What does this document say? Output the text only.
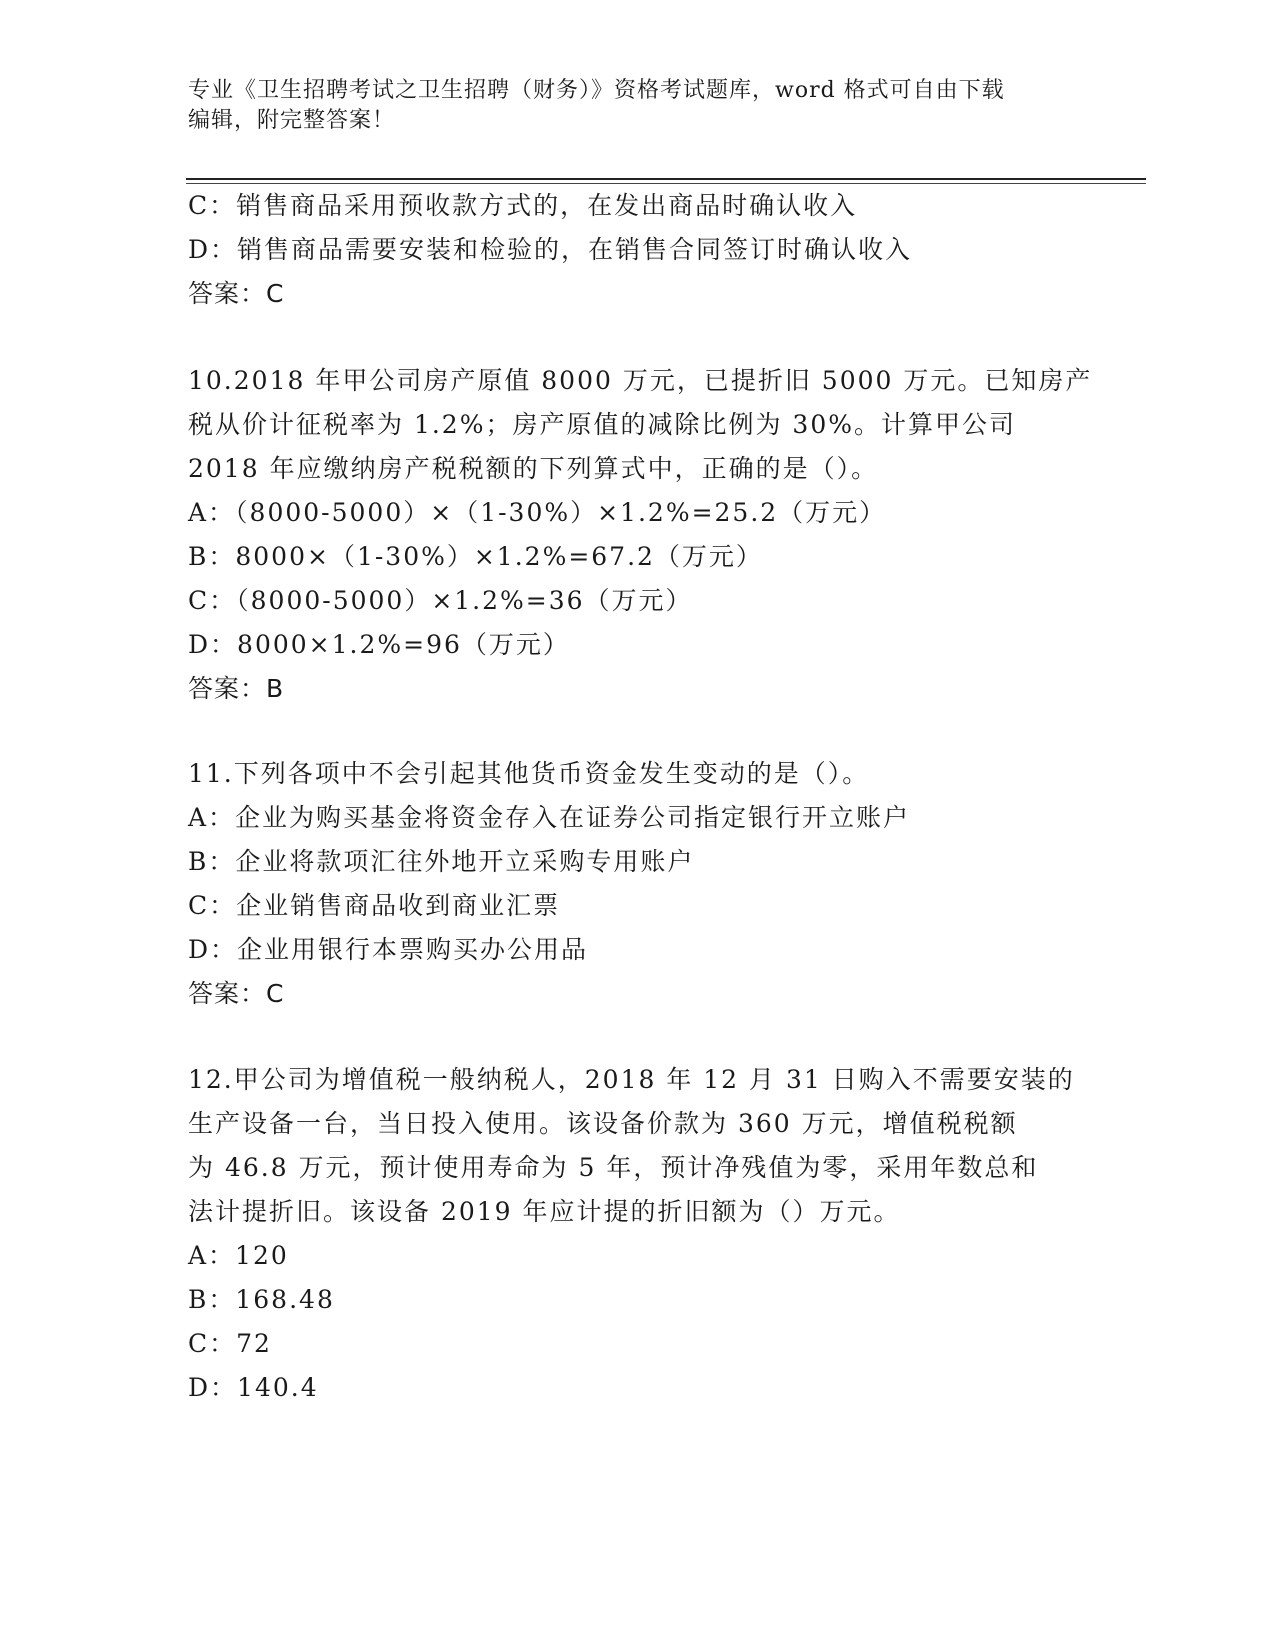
专业《卫生招聘考试之卫生招聘（财务）》资格考试题库，word 格式可自由下载
编辑，附完整答案！
C：销售商品采用预收款方式的，在发出商品时确认收入
D：销售商品需要安装和检验的，在销售合同签订时确认收入
答案：C
10.2018 年甲公司房产原值 8000 万元，已提折旧 5000 万元。已知房产
税从价计征税率为 1.2%；房产原值的减除比例为 30%。计算甲公司
2018 年应缴纳房产税税额的下列算式中，正确的是（）。
A：（8000-5000）×（1-30%）×1.2%=25.2（万元）
B：8000×（1-30%）×1.2%=67.2（万元）
C：（8000-5000）×1.2%=36（万元）
D：8000×1.2%=96（万元）
答案：B
11.下列各项中不会引起其他货币资金发生变动的是（）。
A：企业为购买基金将资金存入在证券公司指定银行开立账户
B：企业将款项汇往外地开立采购专用账户
C：企业销售商品收到商业汇票
D：企业用银行本票购买办公用品
答案：C
12.甲公司为增值税一般纳税人，2018 年 12 月 31 日购入不需要安装的
生产设备一台，当日投入使用。该设备价款为 360 万元，增值税税额
为 46.8 万元，预计使用寿命为 5 年，预计净残值为零，采用年数总和
法计提折旧。该设备 2019 年应计提的折旧额为（）万元。
A：120
B：168.48
C：72
D：140.4
